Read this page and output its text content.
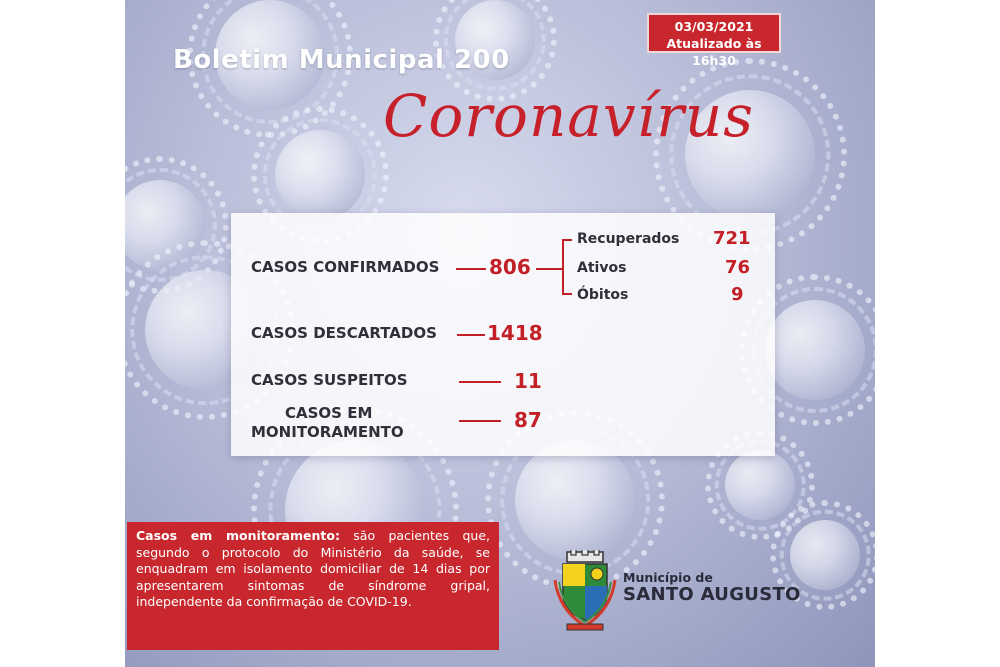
03/03/2021
Atualizado às 16h30
Boletim Municipal 200
Coronavírus
CASOS CONFIRMADOS 806
Recuperados 721
Ativos	76
Óbitos	9
CASOS DESCARTADOS	1418
CASOS SUSPEITOS	11
CASOS EM
MONITORAMENTO	87
Casos em monitoramento: são pacientes que, segundo o protocolo do Ministério da saúde, se enquadram em isolamento domiciliar de 14 dias por apresentarem sintomas de síndrome gripal, independente da confirmação de COVID-19.
Município de
SANTO AUGUSTO
